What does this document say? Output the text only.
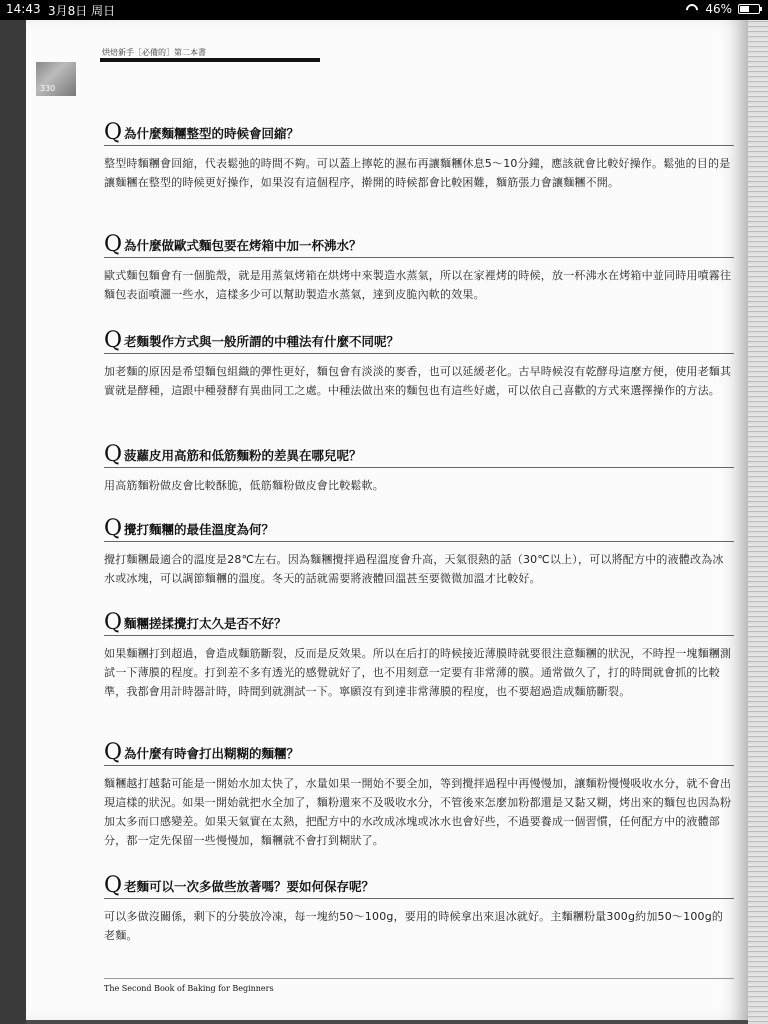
14:43 3月8日 周日	46%
烘焙新手［必備的］第二本書
330
Q 為什麼麵糰整型的時候會回縮？
整型時麵糰會回縮，代表鬆弛的時間不夠。可以蓋上擰乾的濕布再讓麵糰休息5～10分鐘，應該就會比較好操作。鬆弛的目的是讓麵糰在整型的時候更好操作，如果沒有這個程序，擀開的時候都會比較困難，麵筋張力會讓麵糰不開。
Q 為什麼做歐式麵包要在烤箱中加一杯沸水？
歐式麵包麵會有一個脆殼，就是用蒸氣烤箱在烘烤中來製造水蒸氣，所以在家裡烤的時候，放一杯沸水在烤箱中並同時用噴霧往麵包表面噴灑一些水，這樣多少可以幫助製造水蒸氣，達到皮脆內軟的效果。
Q 老麵製作方式與一般所謂的中種法有什麼不同呢？
加老麵的原因是希望麵包組織的彈性更好，麵包會有淡淡的麥香，也可以延緩老化。古早時候沒有乾酵母這麼方便，使用老麵其實就是酵種，這跟中種發酵有異曲同工之處。中種法做出來的麵包也有這些好處，可以依自己喜歡的方式來選擇操作的方法。
Q 菠蘿皮用高筋和低筋麵粉的差異在哪兒呢？
用高筋麵粉做皮會比較酥脆，低筋麵粉做皮會比較鬆軟。
Q 攪打麵糰的最佳溫度為何？
攪打麵糰最適合的溫度是28℃左右。因為麵糰攪拌過程溫度會升高，天氣很熱的話（30℃以上），可以將配方中的液體改為冰水或冰塊，可以調節麵糰的溫度。冬天的話就需要將液體回溫甚至要微微加溫才比較好。
Q 麵糰搓揉攪打太久是否不好？
如果麵糰打到超過，會造成麵筋斷裂，反而是反效果。所以在后打的時候接近薄膜時就要很注意麵糰的狀況，不時捏一塊麵糰測試一下薄膜的程度。打到差不多有透光的感覺就好了，也不用刻意一定要有非常薄的膜。通常做久了，打的時間就會抓的比較準，我都會用計時器計時，時間到就測試一下。寧願沒有到達非常薄膜的程度，也不要超過造成麵筋斷裂。
Q 為什麼有時會打出糊糊的麵糰？
麵糰越打越黏可能是一開始水加太快了，水量如果一開始不要全加，等到攪拌過程中再慢慢加，讓麵粉慢慢吸收水分，就不會出現這樣的狀況。如果一開始就把水全加了，麵粉還來不及吸收水分，不管後來怎麼加粉都還是又黏又糊，烤出來的麵包也因為粉加太多而口感變差。如果天氣實在太熱，把配方中的水改成冰塊或冰水也會好些，不過要養成一個習慣，任何配方中的液體部分，都一定先保留一些慢慢加，麵糰就不會打到糊狀了。
Q 老麵可以一次多做些放著嗎？要如何保存呢？
可以多做沒關係，剩下的分裝放冷凍，每一塊約50～100g，要用的時候拿出來退冰就好。主麵糰粉量300g約加50～100g的老麵。
The Second Book of Baking for Beginners
